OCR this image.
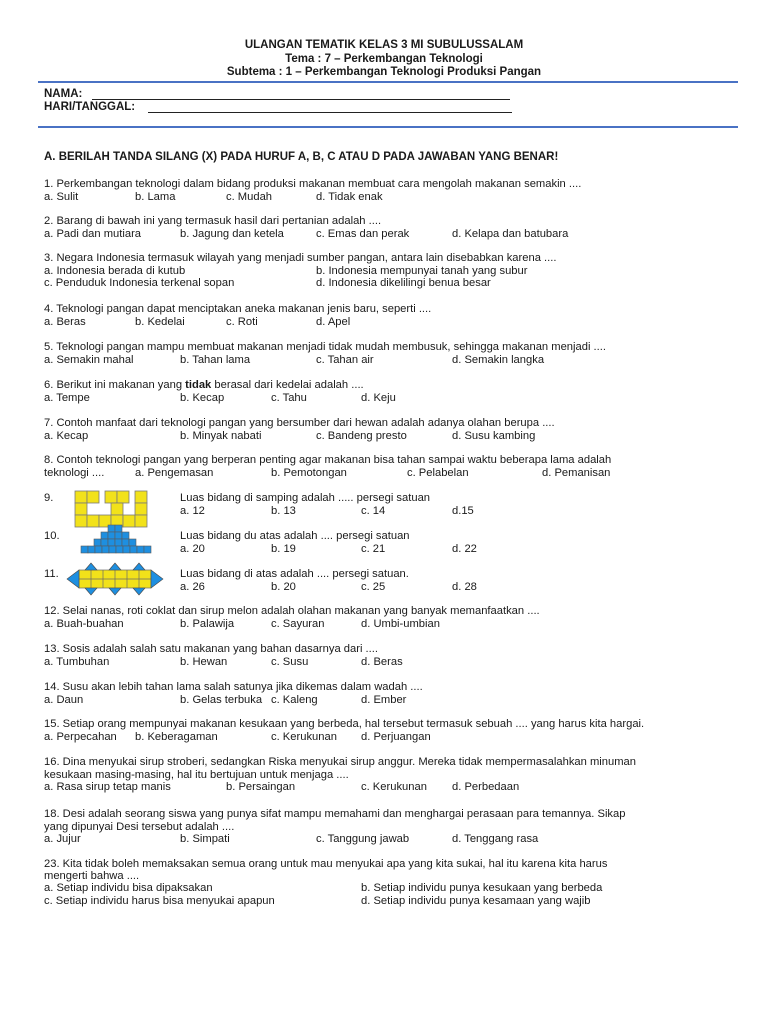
ULANGAN TEMATIK KELAS 3 MI SUBULUSSALAM
Tema : 7 – Perkembangan Teknologi
Subtema : 1 – Perkembangan Teknologi Produksi Pangan
NAMA:
HARI/TANGGAL:
A. BERILAH TANDA SILANG (X) PADA HURUF A, B, C ATAU D PADA JAWABAN YANG BENAR!
1. Perkembangan teknologi dalam bidang produksi makanan membuat cara mengolah makanan semakin ....
a. Sulit	b. Lama	c. Mudah	d. Tidak enak
2. Barang di bawah ini yang termasuk hasil dari pertanian adalah ....
a. Padi dan mutiara	b. Jagung dan ketela	c. Emas dan perak	d. Kelapa dan batubara
3. Negara Indonesia termasuk wilayah yang menjadi sumber pangan, antara lain disebabkan karena ....
a. Indonesia berada di kutub	b. Indonesia mempunyai tanah yang subur
c. Penduduk Indonesia terkenal sopan	d. Indonesia dikelilingi benua besar
4. Teknologi pangan dapat menciptakan aneka makanan jenis baru, seperti ....
a. Beras	b. Kedelai	c. Roti	d. Apel
5. Teknologi pangan mampu membuat makanan menjadi tidak mudah membusuk, sehingga makanan menjadi ....
a. Semakin mahal	b. Tahan lama	c. Tahan air	d. Semakin langka
6. Berikut ini makanan yang tidak berasal dari kedelai adalah ....
a. Tempe	b. Kecap	c. Tahu	d. Keju
7. Contoh manfaat dari teknologi pangan yang bersumber dari hewan adalah adanya olahan berupa ....
a. Kecap	b. Minyak nabati	c. Bandeng presto	d. Susu kambing
8. Contoh teknologi pangan yang berperan penting agar makanan bisa tahan sampai waktu beberapa lama adalah
teknologi ....	a. Pengemasan	b. Pemotongan	c. Pelabelan	d. Pemanisan
9.	Luas bidang di samping adalah ..... persegi satuan
a. 12	b. 13	c. 14	d.15
10.	Luas bidang du atas adalah .... persegi satuan
a. 20	b. 19	c. 21	d. 22
11.	Luas bidang di atas adalah .... persegi satuan.
a. 26	b. 20	c. 25	d. 28
12. Selai nanas, roti coklat dan sirup melon adalah olahan makanan yang banyak memanfaatkan ....
a. Buah-buahan	b. Palawija	c. Sayuran	d. Umbi-umbian
13. Sosis adalah salah satu makanan yang bahan dasarnya dari ....
a. Tumbuhan	b. Hewan	c. Susu	d. Beras
14. Susu akan lebih tahan lama salah satunya jika dikemas dalam wadah ....
a. Daun	b. Gelas terbuka c. Kaleng	d. Ember
15. Setiap orang mempunyai makanan kesukaan yang berbeda, hal tersebut termasuk sebuah .... yang harus kita hargai.
a. Perpecahan b. Keberagaman	c. Kerukunan d. Perjuangan
16. Dina menyukai sirup stroberi, sedangkan Riska menyukai sirup anggur. Mereka tidak mempermasalahkan minuman
kesukaan masing-masing, hal itu bertujuan untuk menjaga ....
a. Rasa sirup tetap manis	b. Persaingan	c. Kerukunan d. Perbedaan
18. Desi adalah seorang siswa yang punya sifat mampu memahami dan menghargai perasaan para temannya. Sikap
yang dipunyai Desi tersebut adalah ....
a. Jujur	b. Simpati	c. Tanggung jawab	d. Tenggang rasa
23. Kita tidak boleh memaksakan semua orang untuk mau menyukai apa yang kita sukai, hal itu karena kita harus
mengerti bahwa ....
a. Setiap individu bisa dipaksakan	b. Setiap individu punya kesukaan yang berbeda
c. Setiap individu harus bisa menyukai apapun	d. Setiap individu punya kesamaan yang wajib
